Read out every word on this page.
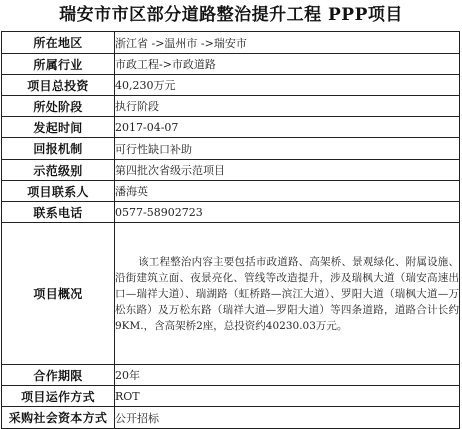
瑞安市市区部分道路整治提升工程 PPP项目
所在地区	浙江省 ->温州市 ->瑞安市
所属行业	市政工程->市政道路
项目总投资	40,230万元
所处阶段	执行阶段
发起时间	2017-04-07
回报机制	可行性缺口补助
示范级别	第四批次省级示范项目
项目联系人	潘海英
联系电话	0577-58902723
项目概况	该工程整治内容主要包括市政道路、高架桥、景观绿化、附属设施、沿街建筑立面、夜景亮化、管线等改造提升，涉及瑞枫大道（瑞安高速出口—瑞祥大道）、瑞湖路（虹桥路—滨江大道）、罗阳大道（瑞枫大道—万松东路）及万松东路（瑞祥大道—罗阳大道）等四条道路，道路合计长约9KM.，含高架桥2座，总投资约40230.03万元。
合作期限	20年
项目运作方式	ROT
采购社会资本方式	公开招标
